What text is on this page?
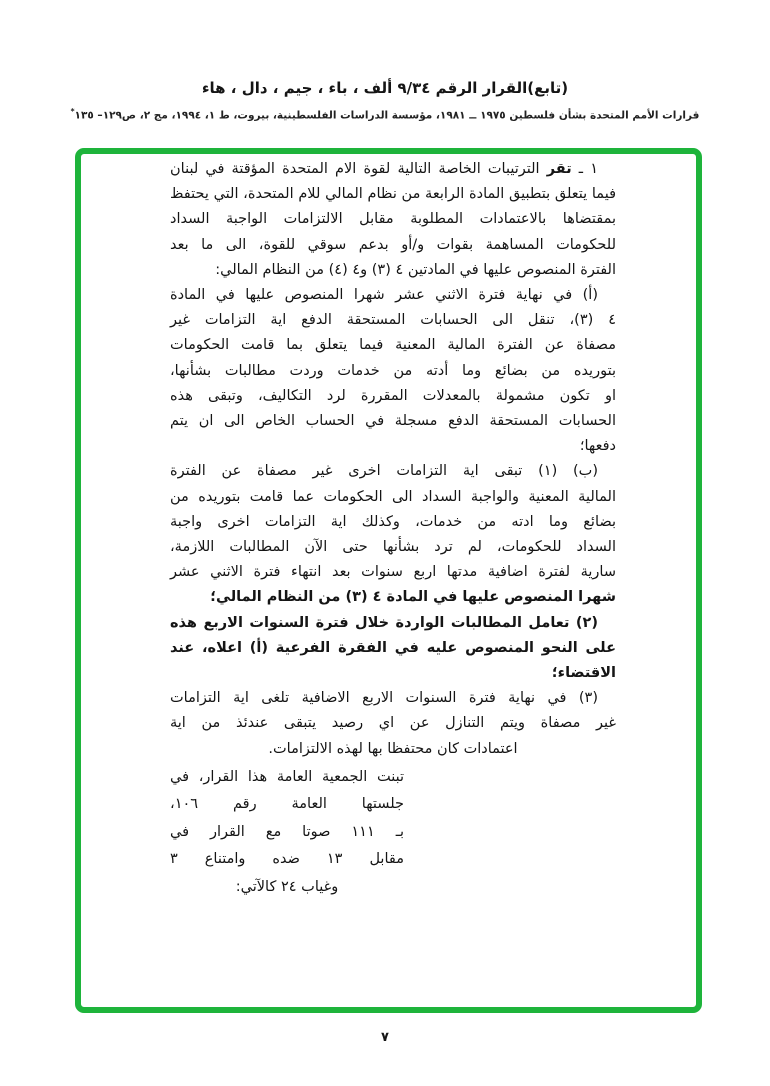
(تابع)القرار الرقم ٩/٣٤ ألف ، باء ، جيم ، دال ، هاء
قرارات الأمم المتحدة بشأن فلسطين ١٩٧٥ ــ ١٩٨١، مؤسسة الدراسات الفلسطينية، بيروت، ط ١، ١٩٩٤، مج ٢، ص١٢٩– ١٣٥*
١ ـ تقر الترتيبات الخاصة التالية لقوة الام المتحدة المؤقتة في لبنان
فيما يتعلق بتطبيق المادة الرابعة من نظام المالي للام المتحدة، التي يحتفظ
بمقتضاها بالاعتمادات المطلوبة مقابل الالتزامات الواجبة السداد
للحكومات المساهمة بقوات و/أو بدعم سوقي للقوة، الى ما بعد
الفترة المنصوص عليها في المادتين ٤ (٣) و٤ (٤) من النظام المالي:
(أ) في نهاية فترة الاثني عشر شهرا المنصوص عليها في المادة
٤ (٣)، تنقل الى الحسابات المستحقة الدفع اية التزامات غير
مصفاة عن الفترة المالية المعنية فيما يتعلق بما قامت الحكومات
بتوريده من بضائع وما أدته من خدمات وردت مطالبات بشأنها،
او تكون مشمولة بالمعدلات المقررة لرد التكاليف، وتبقى هذه
الحسابات المستحقة الدفع مسجلة في الحساب الخاص الى ان يتم
دفعها؛
(ب) (١) تبقى اية التزامات اخرى غير مصفاة عن الفترة
المالية المعنية والواجبة السداد الى الحكومات عما قامت بتوريده من
بضائع وما ادته من خدمات، وكذلك اية التزامات اخرى واجبة
السداد للحكومات، لم ترد بشأنها حتى الآن المطالبات اللازمة،
سارية لفترة اضافية مدتها اربع سنوات بعد انتهاء فترة الاثني عشر
شهرا المنصوص عليها في المادة ٤ (٣) من النظام المالي؛
(٢) تعامل المطالبات الواردة خلال فترة السنوات الاربع هذه
على النحو المنصوص عليه في الفقرة الفرعية (أ) اعلاه، عند
الاقتضاء؛
(٣) في نهاية فترة السنوات الاربع الاضافية تلغى اية التزامات
غير مصفاة ويتم التنازل عن اي رصيد يتبقى عندئذ من اية
اعتمادات كان محتفظا بها لهذه الالتزامات.
تبنت الجمعية العامة هذا القرار، في
جلستها العامة رقم ١٠٦،
بـ ١١١ صوتا مع القرار في
مقابل ١٣ ضده وامتناع ٣
وغياب ٢٤ كالآتي:
٧
